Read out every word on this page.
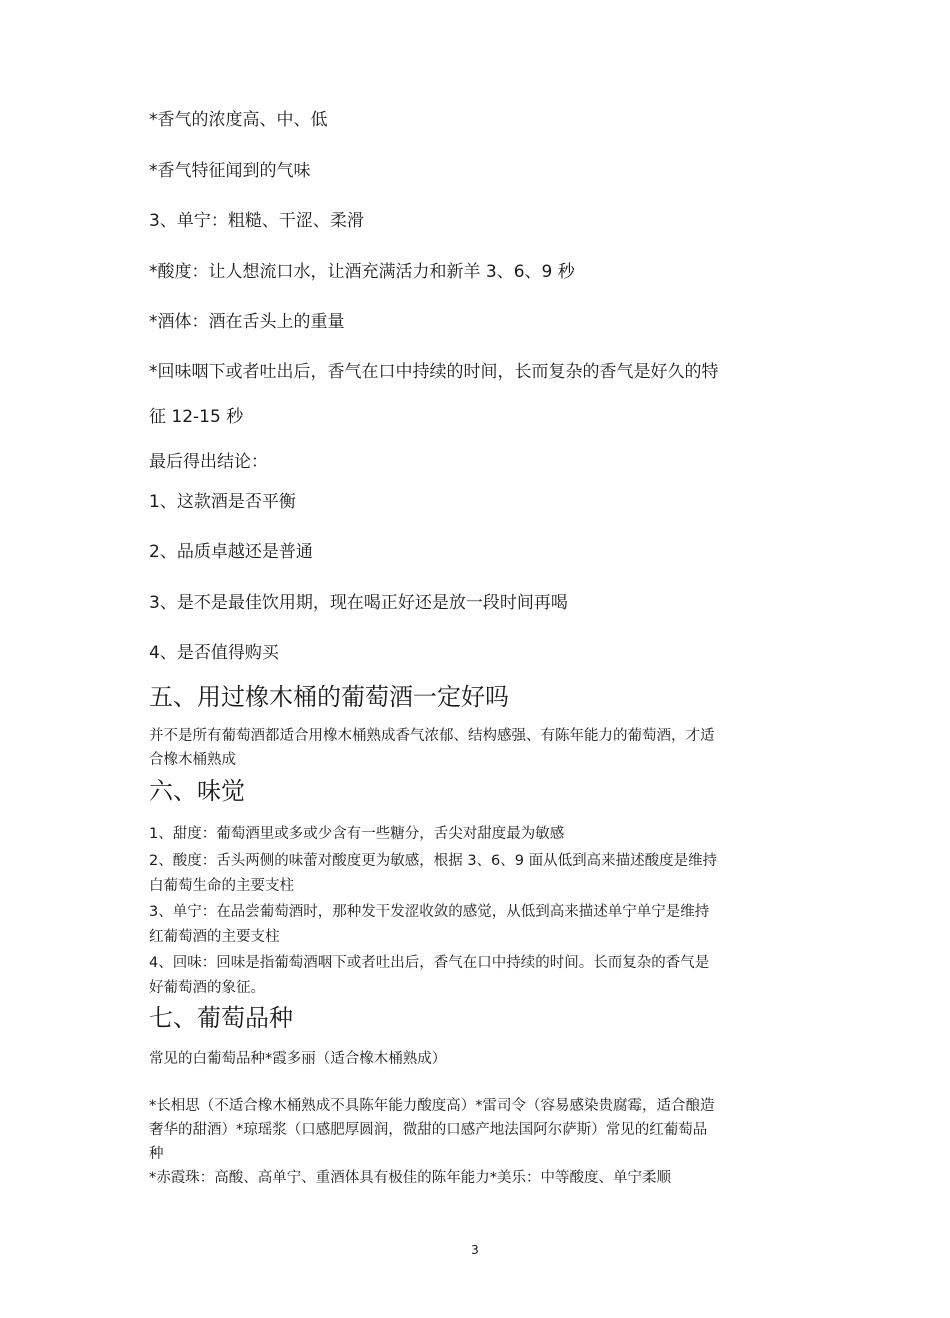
*香气的浓度高、中、低
*香气特征闻到的气味
3、单宁：粗糙、干涩、柔滑
*酸度：让人想流口水，让酒充满活力和新羊 3、6、9 秒
*酒体：酒在舌头上的重量
*回味咽下或者吐出后，香气在口中持续的时间，长而复杂的香气是好久的特
征 12-15 秒
最后得出结论：
1、这款酒是否平衡
2、品质卓越还是普通
3、是不是最佳饮用期，现在喝正好还是放一段时间再喝
4、是否值得购买
五、用过橡木桶的葡萄酒一定好吗
并不是所有葡萄酒都适合用橡木桶熟成香气浓郁、结构感强、有陈年能力的葡萄酒，才适
合橡木桶熟成
六、味觉
1、甜度：葡萄酒里或多或少含有一些糖分，舌尖对甜度最为敏感
2、酸度：舌头两侧的味蕾对酸度更为敏感，根据 3、6、9 面从低到高来描述酸度是维持
白葡萄生命的主要支柱
3、单宁：在品尝葡萄酒时，那种发干发涩收敛的感觉，从低到高来描述单宁单宁是维持
红葡萄酒的主要支柱
4、回味：回味是指葡萄酒咽下或者吐出后，香气在口中持续的时间。长而复杂的香气是
好葡萄酒的象征。
七、葡萄品种
常见的白葡萄品种*霞多丽（适合橡木桶熟成）
*长相思（不适合橡木桶熟成不具陈年能力酸度高）*雷司令（容易感染贵腐霉，适合酿造
奢华的甜酒）*琼瑶浆（口感肥厚圆润，微甜的口感产地法国阿尔萨斯）常见的红葡萄品
种
*赤霞珠：高酸、高单宁、重酒体具有极佳的陈年能力*美乐：中等酸度、单宁柔顺
3
